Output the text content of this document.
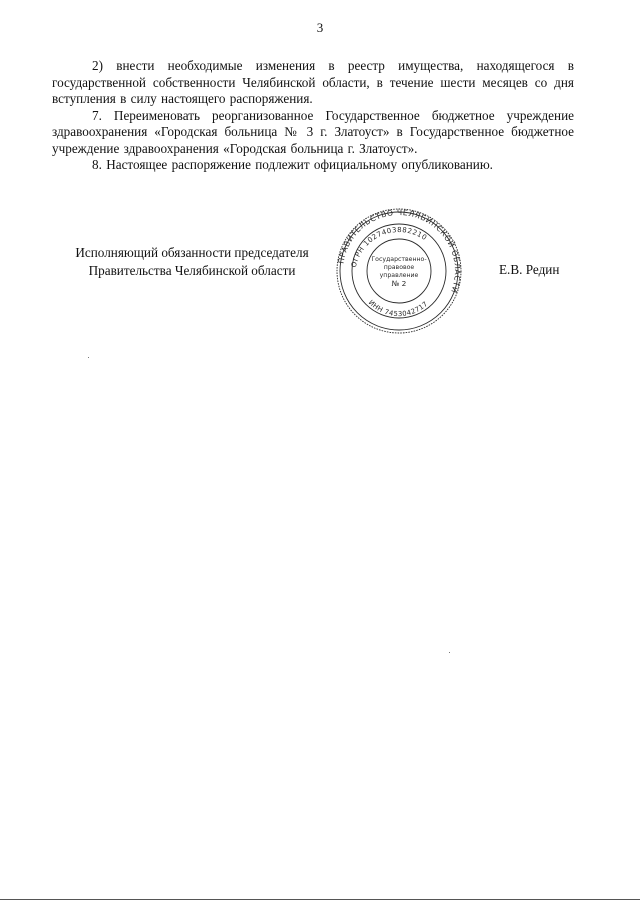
3

2) внести необходимые изменения в реестр имущества, находящегося в государственной собственности Челябинской области, в течение шести месяцев со дня вступления в силу настоящего распоряжения.

7. Переименовать реорганизованное Государственное бюджетное учреждение здравоохранения «Городская больница № 3 г. Златоуст» в Государственное бюджетное учреждение здравоохранения «Городская больница г. Златоуст».

8. Настоящее распоряжение подлежит официальному опубликованию.

Исполняющий обязанности председателя
Правительства Челябинской области	Е.В. Редин
ПРАВИТЕЛЬСТВО ЧЕЛЯБИНСКОЙ ОБЛАСТИ
ОГРН 1027403882210
ИНН 7453042717
Государственно-
правовое
управление
№ 2
